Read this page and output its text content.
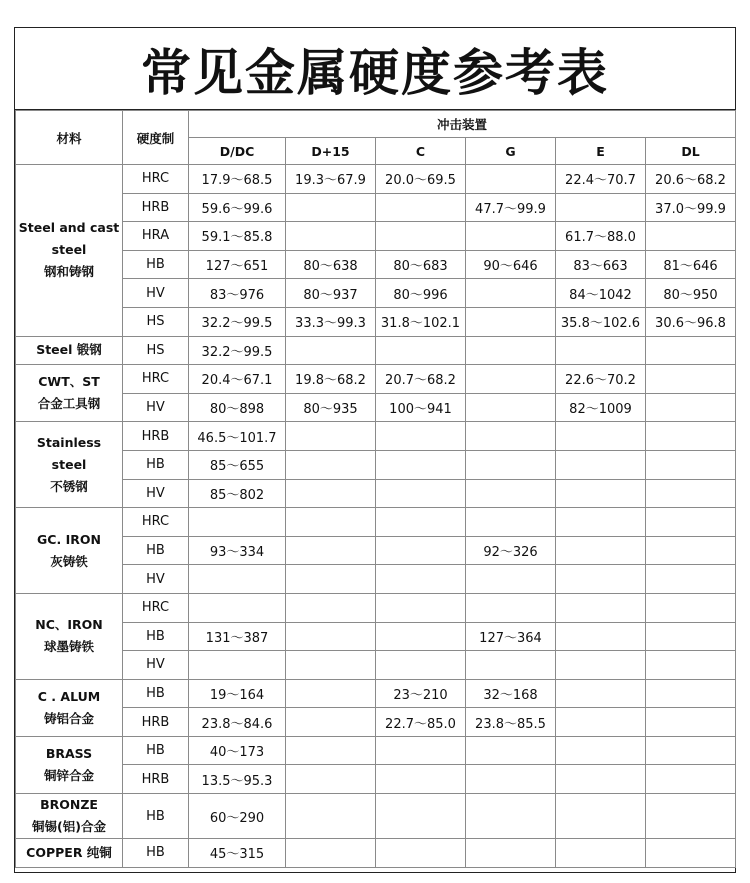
常见金属硬度参考表
材料	硬度制	冲击装置					
		D/DC	D+15	C	G	E	DL

Steel and cast
steel
钢和铸钢	HRC	17.9～68.5	19.3～67.9	20.0～69.5		22.4～70.7	20.6～68.2
	HRB	59.6～99.6			47.7～99.9		37.0～99.9
	HRA	59.1～85.8				61.7～88.0	
	HB	127～651	80～638	80～683	90～646	83～663	81～646
	HV	83～976	80～937	80～996		84～1042	80～950
	HS	32.2～99.5	33.3～99.3	31.8～102.1		35.8～102.6	30.6～96.8

Steel 锻钢	HS	32.2～99.5					

CWT、ST
合金工具钢	HRC	20.4～67.1	19.8～68.2	20.7～68.2		22.6～70.2	
	HV	80～898	80～935	100～941		82～1009	

Stainless
steel
不锈钢	HRB	46.5～101.7					
	HB	85～655					
	HV	85～802					

GC. IRON
灰铸铁	HRC						
	HB	93～334			92～326		
	HV						

NC、IRON
球墨铸铁	HRC						
	HB	131～387			127～364		
	HV						

C . ALUM
铸铝合金	HB	19～164		23～210	32～168		
	HRB	23.8～84.6		22.7～85.0	23.8～85.5		

BRASS
铜锌合金	HB	40～173					
	HRB	13.5～95.3					

BRONZE
铜锡(铝)合金	HB	60～290					

COPPER 纯铜	HB	45～315					
